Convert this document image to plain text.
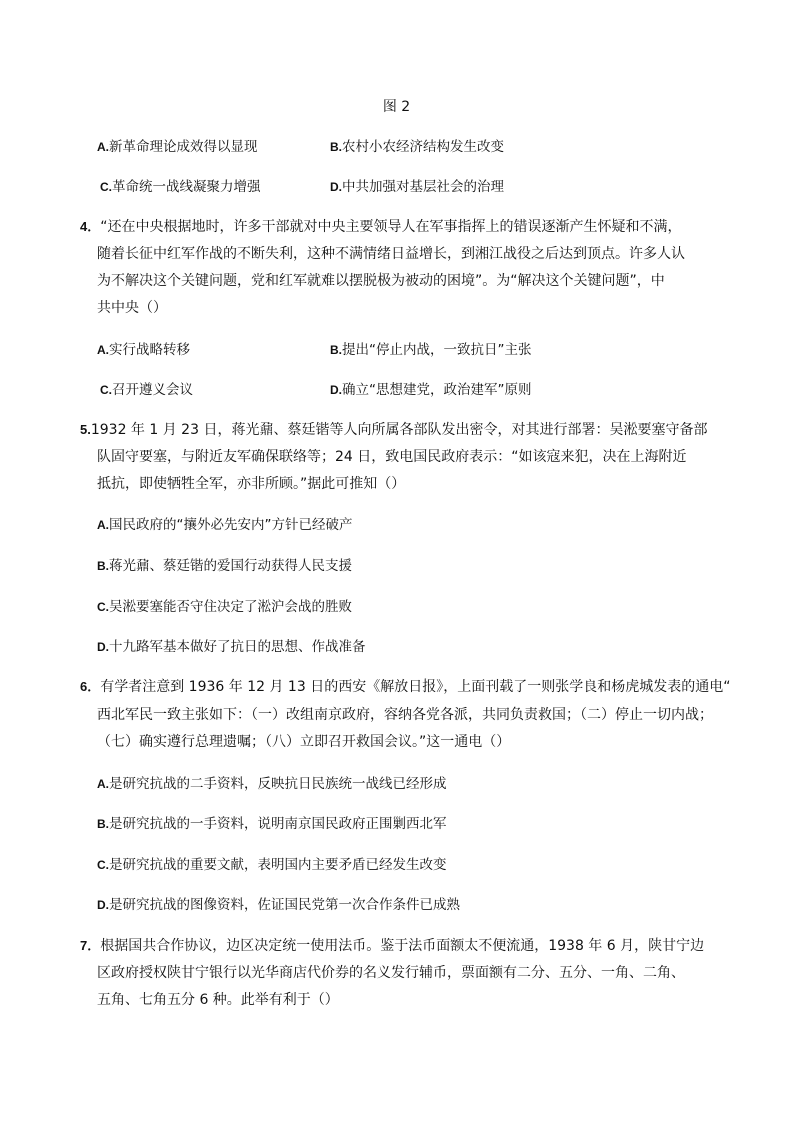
图 2
A.新革命理论成效得以显现	B.农村小农经济结构发生改变
C.革命统一战线凝聚力增强	D.中共加强对基层社会的治理
4．“还在中央根据地时，许多干部就对中央主要领导人在军事指挥上的错误逐渐产生怀疑和不满，
随着长征中红军作战的不断失利，这种不满情绪日益增长，到湘江战役之后达到顶点。许多人认
为不解决这个关键问题，党和红军就难以摆脱极为被动的困境”。为“解决这个关键问题”，中
共中央（）
A.实行战略转移	B.提出“停止内战，一致抗日”主张
C.召开遵义会议	D.确立“思想建党，政治建军”原则
5.1932 年 1 月 23 日，蒋光鼐、蔡廷锴等人向所属各部队发出密令，对其进行部署：吴淞要塞守备部
队固守要塞，与附近友军确保联络等；24 日，致电国民政府表示：“如该寇来犯，决在上海附近
抵抗，即使牺牲全军，亦非所顾。”据此可推知（）
A.国民政府的“攘外必先安内”方针已经破产
B.蒋光鼐、蔡廷锴的爱国行动获得人民支援
C.吴淞要塞能否守住决定了淞沪会战的胜败
D.十九路军基本做好了抗日的思想、作战准备
6．有学者注意到 1936 年 12 月 13 日的西安《解放日报》，上面刊载了一则张学良和杨虎城发表的通电“
西北军民一致主张如下：（一）改组南京政府，容纳各党各派，共同负责救国；（二）停止一切内战；
（七）确实遵行总理遗嘱；（八）立即召开救国会议。”这一通电（）
A.是研究抗战的二手资料，反映抗日民族统一战线已经形成
B.是研究抗战的一手资料，说明南京国民政府正围剿西北军
C.是研究抗战的重要文献，表明国内主要矛盾已经发生改变
D.是研究抗战的图像资料，佐证国民党第一次合作条件已成熟
7．根据国共合作协议，边区决定统一使用法币。鉴于法币面额太不便流通，1938 年 6 月，陕甘宁边
区政府授权陕甘宁银行以光华商店代价券的名义发行辅币，票面额有二分、五分、一角、二角、
五角、七角五分 6 种。此举有利于（）
